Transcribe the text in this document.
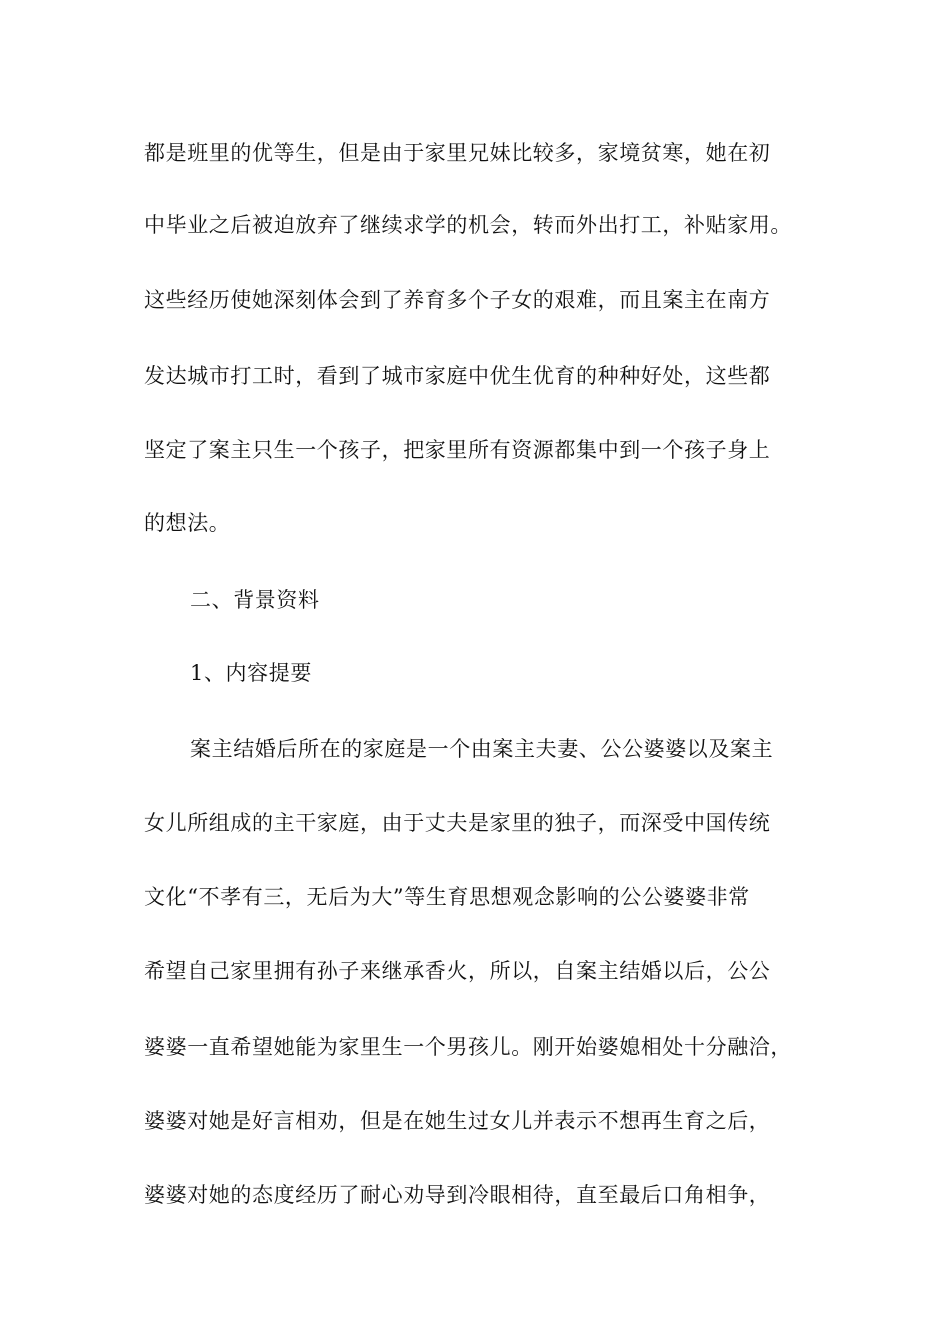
都是班里的优等生，但是由于家里兄妹比较多，家境贫寒，她在初
中毕业之后被迫放弃了继续求学的机会，转而外出打工，补贴家用。
这些经历使她深刻体会到了养育多个子女的艰难，而且案主在南方
发达城市打工时，看到了城市家庭中优生优育的种种好处，这些都
坚定了案主只生一个孩子，把家里所有资源都集中到一个孩子身上
的想法。
二、背景资料
1、内容提要
案主结婚后所在的家庭是一个由案主夫妻、公公婆婆以及案主
女儿所组成的主干家庭，由于丈夫是家里的独子，而深受中国传统
文化“不孝有三，无后为大”等生育思想观念影响的公公婆婆非常
希望自己家里拥有孙子来继承香火，所以，自案主结婚以后，公公
婆婆一直希望她能为家里生一个男孩儿。刚开始婆媳相处十分融洽，
婆婆对她是好言相劝，但是在她生过女儿并表示不想再生育之后，
婆婆对她的态度经历了耐心劝导到冷眼相待，直至最后口角相争，
